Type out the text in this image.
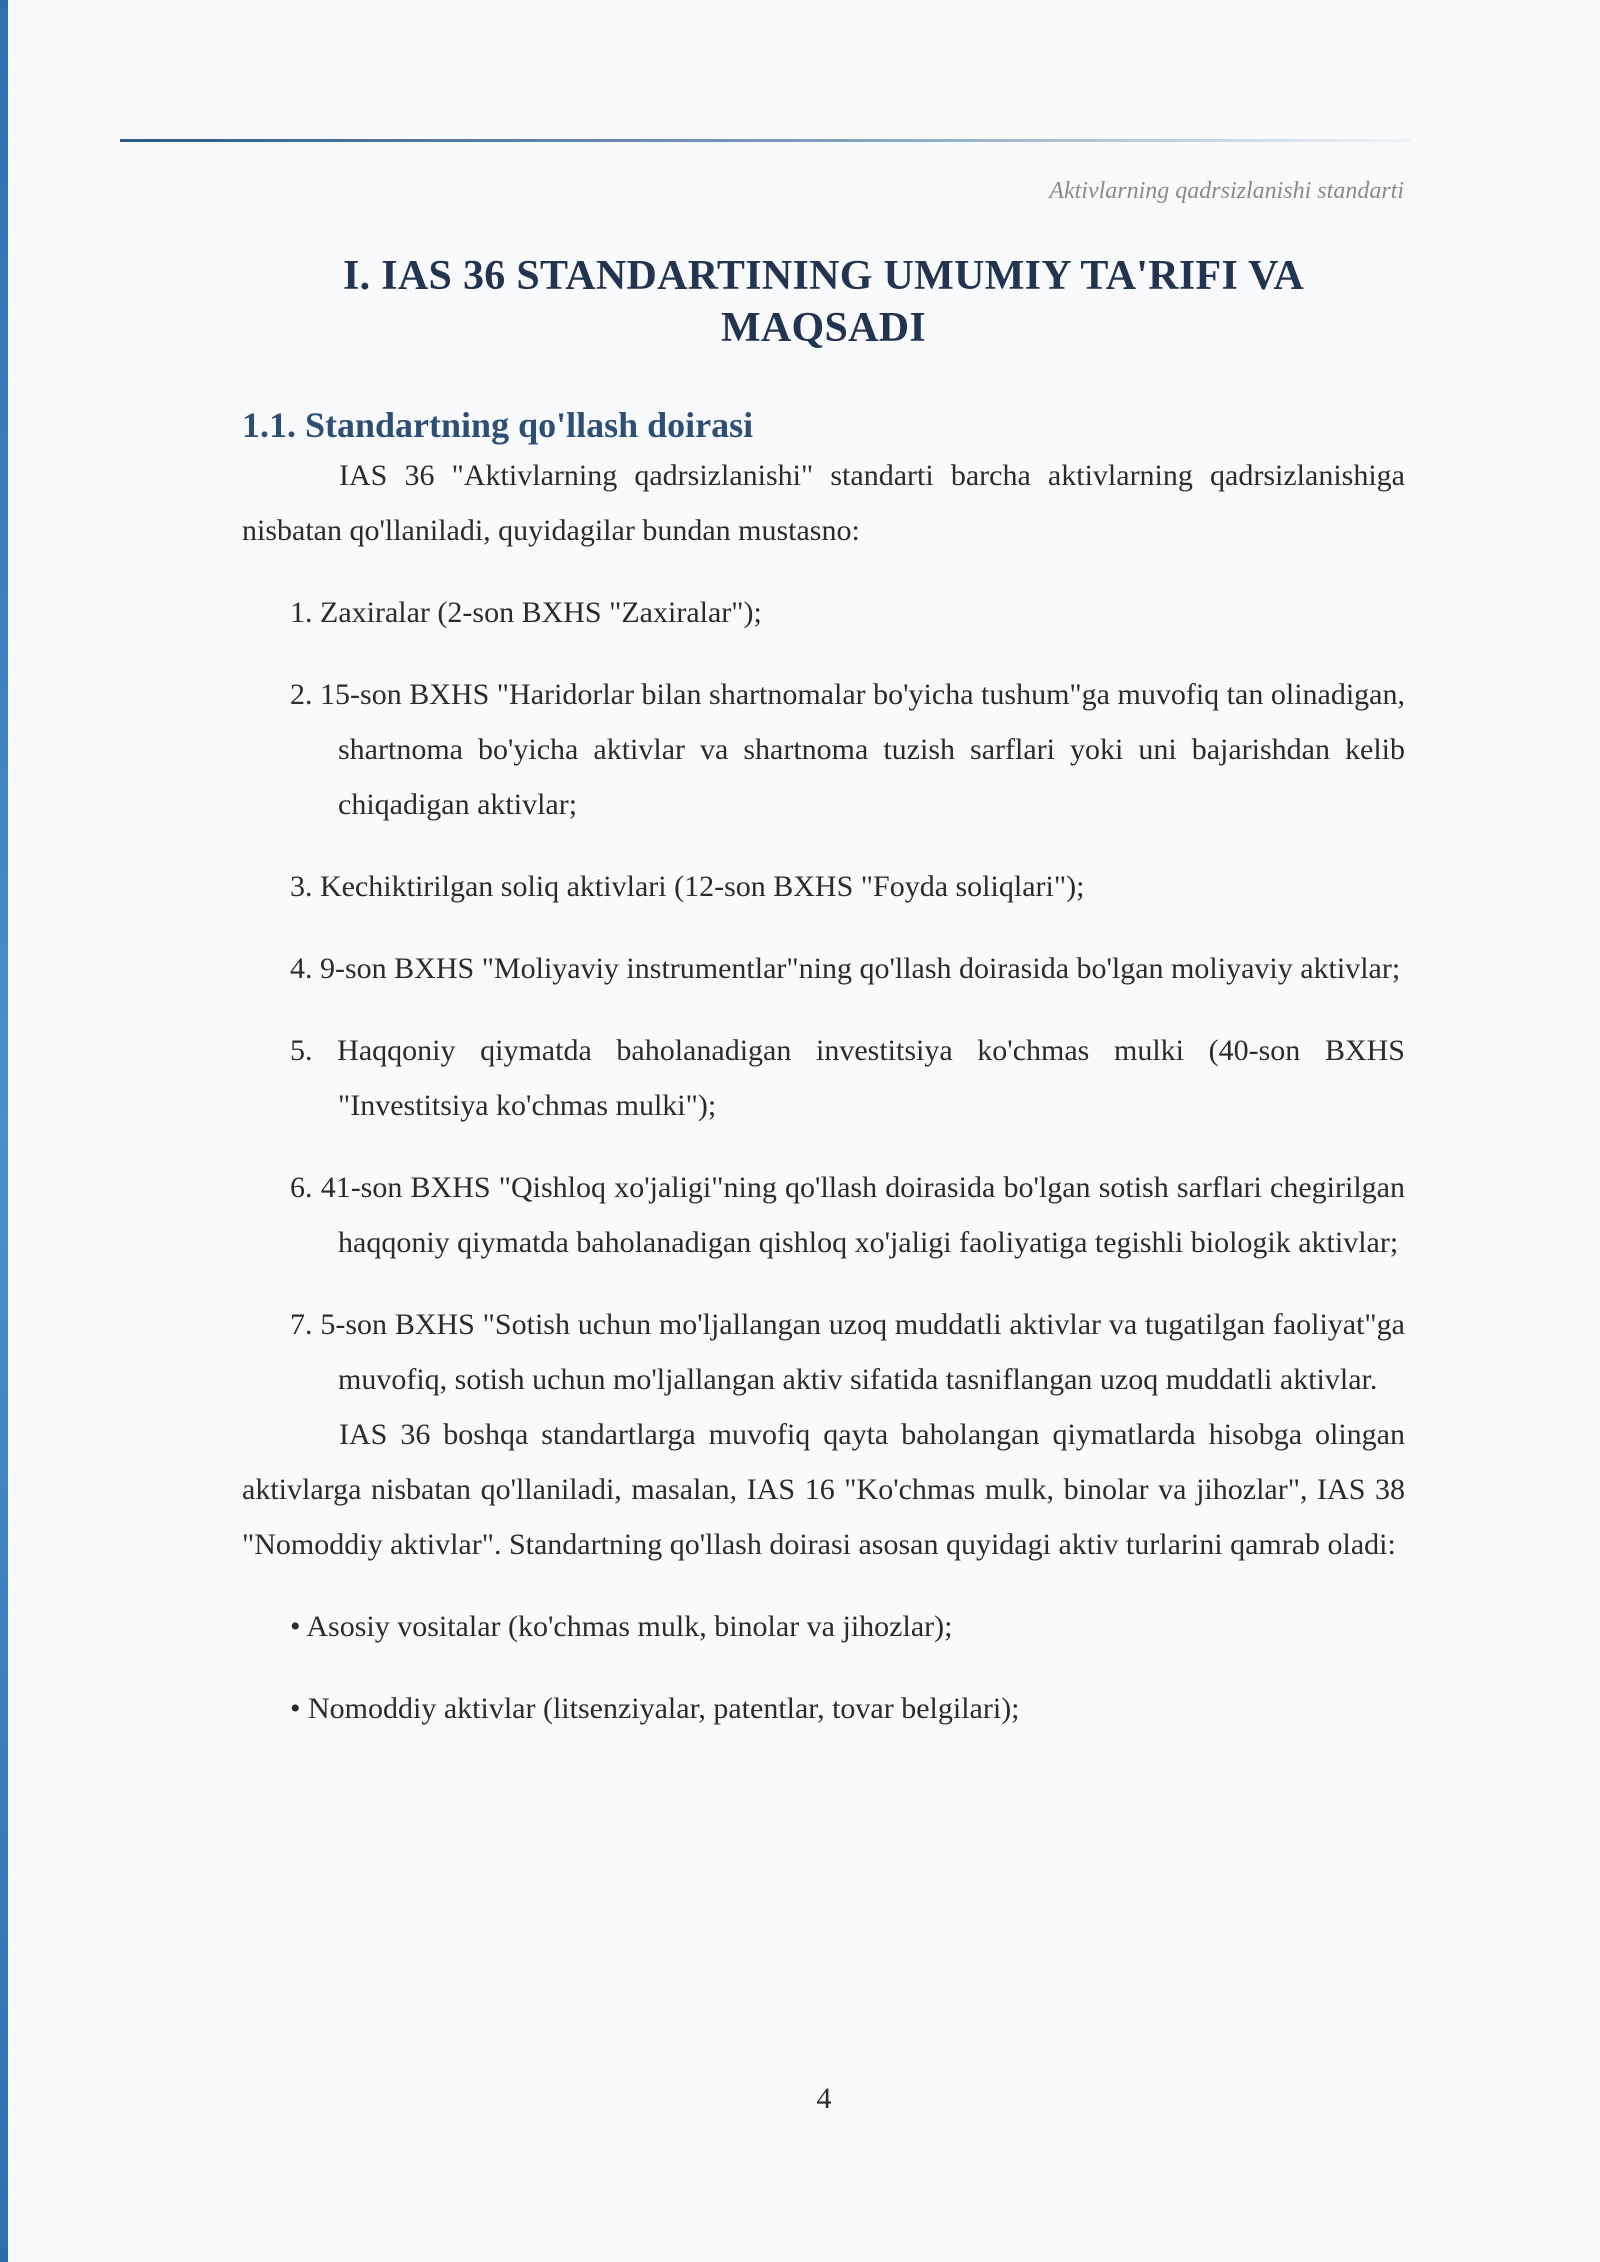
Aktivlarning qadrsizlanishi standarti
I. IAS 36 STANDARTINING UMUMIY TA'RIFI VA MAQSADI
1.1. Standartning qo'llash doirasi

IAS 36 "Aktivlarning qadrsizlanishi" standarti barcha aktivlarning qadrsizlanishiga nisbatan qo'llaniladi, quyidagilar bundan mustasno:

1. Zaxiralar (2-son BXHS "Zaxiralar");
2. 15-son BXHS "Haridorlar bilan shartnomalar bo'yicha tushum"ga muvofiq tan olinadigan, shartnoma bo'yicha aktivlar va shartnoma tuzish sarflari yoki uni bajarishdan kelib chiqadigan aktivlar;
3. Kechiktirilgan soliq aktivlari (12-son BXHS "Foyda soliqlari");
4. 9-son BXHS "Moliyaviy instrumentlar"ning qo'llash doirasida bo'lgan moliyaviy aktivlar;
5. Haqqoniy qiymatda baholanadigan investitsiya ko'chmas mulki (40-son BXHS "Investitsiya ko'chmas mulki");
6. 41-son BXHS "Qishloq xo'jaligi"ning qo'llash doirasida bo'lgan sotish sarflari chegirilgan haqqoniy qiymatda baholanadigan qishloq xo'jaligi faoliyatiga tegishli biologik aktivlar;
7. 5-son BXHS "Sotish uchun mo'ljallangan uzoq muddatli aktivlar va tugatilgan faoliyat"ga muvofiq, sotish uchun mo'ljallangan aktiv sifatida tasniflangan uzoq muddatli aktivlar.

IAS 36 boshqa standartlarga muvofiq qayta baholangan qiymatlarda hisobga olingan aktivlarga nisbatan qo'llaniladi, masalan, IAS 16 "Ko'chmas mulk, binolar va jihozlar", IAS 38 "Nomoddiy aktivlar". Standartning qo'llash doirasi asosan quyidagi aktiv turlarini qamrab oladi:

• Asosiy vositalar (ko'chmas mulk, binolar va jihozlar);
• Nomoddiy aktivlar (litsenziyalar, patentlar, tovar belgilari);
4
